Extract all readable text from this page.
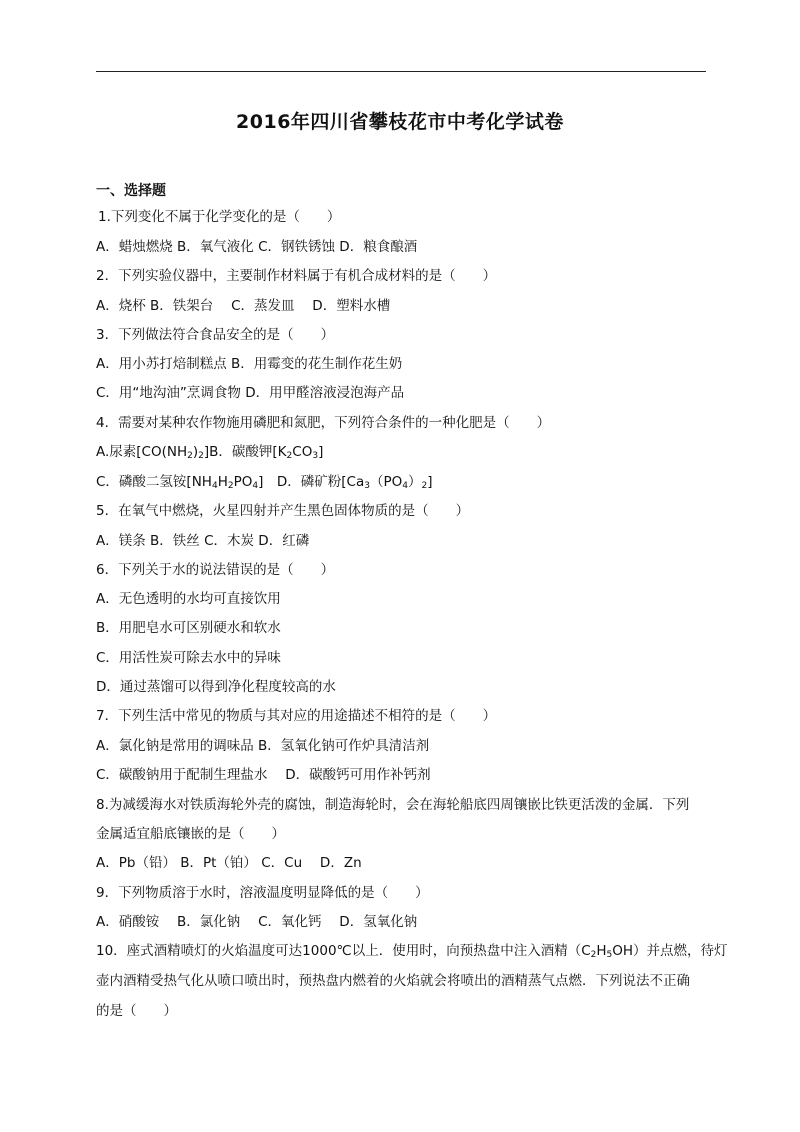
2016年四川省攀枝花市中考化学试卷
一、选择题
1.下列变化不属于化学变化的是（　　）
A．蜡烛燃烧 B．氧气液化 C．钢铁锈蚀 D．粮食酿酒
2．下列实验仪器中，主要制作材料属于有机合成材料的是（　　）
A．烧杯 B．铁架台　 C．蒸发皿　 D．塑料水槽
3．下列做法符合食品安全的是（　　）
A．用小苏打焙制糕点 B．用霉变的花生制作花生奶
C．用“地沟油”烹调食物 D．用甲醛溶液浸泡海产品
4．需要对某种农作物施用磷肥和氮肥，下列符合条件的一种化肥是（　　）
A.尿素$[CO(NH_2)_2]B$．碳酸钾$[K_2CO_3]$
C．磷酸二氢铵$[NH_4H_2PO_4]$　D．磷矿粉$[Ca_3(PO_4)_2]$
5．在氧气中燃烧，火星四射并产生黑色固体物质的是（　　）
A．镁条 B．铁丝 C．木炭 D．红磷
6．下列关于水的说法错误的是（　　）
A．无色透明的水均可直接饮用
B．用肥皂水可区别硬水和软水
C．用活性炭可除去水中的异味
D．通过蒸馏可以得到净化程度较高的水
7．下列生活中常见的物质与其对应的用途描述不相符的是（　　）
A．氯化钠是常用的调味品 B．氢氧化钠可作炉具清洁剂
C．碳酸钠用于配制生理盐水　 D．碳酸钙可用作补钙剂
8.为减缓海水对铁质海轮外壳的腐蚀，制造海轮时，会在海轮船底四周镶嵌比铁更活泼的金属．下列
金属适宜船底镶嵌的是（　　）
A．Pb（铅） B．Pt（铂） C．Cu　 D．Zn
9．下列物质溶于水时，溶液温度明显降低的是（　　）
A．硝酸铵　 B．氯化钠　 C．氧化钙　 D．氢氧化钠
10．座式酒精喷灯的火焰温度可达1000℃以上．使用时，向预热盘中注入酒精$(C_2H_5OH)$并点燃，待灯
壶内酒精受热气化从喷口喷出时，预热盘内燃着的火焰就会将喷出的酒精蒸气点燃．下列说法不正确
的是（　　）
